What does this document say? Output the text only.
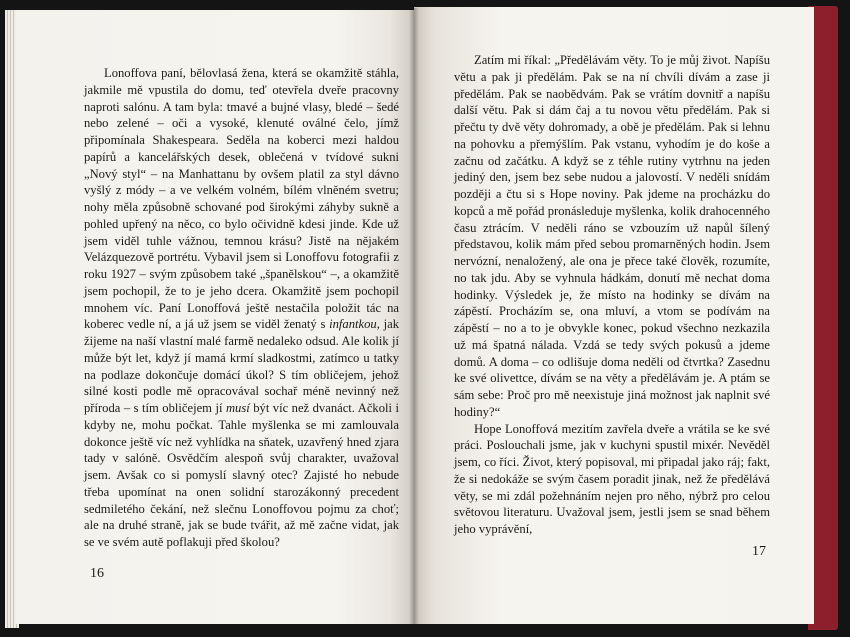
Lonoffova paní, bělovlasá žena, která se okamžitě stáhla, jakmile mě vpustila do domu, teď otevřela dveře pracovny naproti salónu. A tam byla: tmavé a bujné vlasy, bledé – šedé nebo zelené – oči a vysoké, klenuté oválné čelo, jímž připomínala Shakespeara. Seděla na koberci mezi haldou papírů a kancelářských desek, oblečená v tvídové sukni „Nový styl“ – na Manhattanu by ovšem platil za styl dávno vyšlý z módy – a ve velkém volném, bílém vlněném svetru; nohy měla způsobně schované pod širokými záhyby sukně a pohled upřený na něco, co bylo očividně kdesi jinde. Kde už jsem viděl tuhle vážnou, temnou krásu? Jistě na nějakém Velázquezově portrétu. Vybavil jsem si Lonoffovu fotografii z roku 1927 – svým způsobem také „španělskou“ –, a okamžitě jsem pochopil, že to je jeho dcera. Okamžitě jsem pochopil mnohem víc. Paní Lonoffová ještě nestačila položit tác na koberec vedle ní, a já už jsem se viděl ženatý s infantkou, jak žijeme na naší vlastní malé farmě nedaleko odsud. Ale kolik jí může být let, když jí mamá krmí sladkostmi, zatímco u tatky na podlaze dokončuje domácí úkol? S tím obličejem, jehož silné kosti podle mě opracovával sochař méně nevinný než příroda – s tím obličejem jí musí být víc než dvanáct. Ačkoli i kdyby ne, mohu počkat. Tahle myšlenka se mi zamlouvala dokonce ještě víc než vyhlídka na sňatek, uzavřený hned zjara tady v salóně. Osvědčím alespoň svůj charakter, uvažoval jsem. Avšak co si pomyslí slavný otec? Zajisté ho nebude třeba upomínat na onen solidní starozákonný precedent sedmiletého čekání, než slečnu Lonoffovou pojmu za choť; ale na druhé straně, jak se bude tvářit, až mě začne vidat, jak se ve svém autě poflakuji před školou?

16

Zatím mi říkal: „Předělávám věty. To je můj život. Napíšu větu a pak ji předělám. Pak se na ní chvíli dívám a zase ji předělám. Pak se naobědvám. Pak se vrátím dovnitř a napíšu další větu. Pak si dám čaj a tu novou větu předělám. Pak si přečtu ty dvě věty dohromady, a obě je předělám. Pak si lehnu na pohovku a přemýšlím. Pak vstanu, vyhodím je do koše a začnu od začátku. A když se z téhle rutiny vytrhnu na jeden jediný den, jsem bez sebe nudou a jalovostí. V neděli snídám později a čtu si s Hope noviny. Pak jdeme na procházku do kopců a mě pořád pronásleduje myšlenka, kolik drahocenného času ztrácím. V neděli ráno se vzbouzím už napůl šílený představou, kolik mám před sebou promarněných hodin. Jsem nervózní, nenaložený, ale ona je přece také člověk, rozumíte, no tak jdu. Aby se vyhnula hádkám, donutí mě nechat doma hodinky. Výsledek je, že místo na hodinky se dívám na zápěstí. Procházím se, ona mluví, a vtom se podívám na zápěstí – no a to je obvykle konec, pokud všechno nezkazila už má špatná nálada. Vzdá se tedy svých pokusů a jdeme domů. A doma – co odlišuje doma neděli od čtvrtka? Zasednu ke své olivettce, dívám se na věty a předělávám je. A ptám se sám sebe: Proč pro mě neexistuje jiná možnost jak naplnit své hodiny?“

Hope Lonoffová mezitím zavřela dveře a vrátila se ke své práci. Poslouchali jsme, jak v kuchyni spustil mixér. Nevěděl jsem, co říci. Život, který popisoval, mi připadal jako ráj; fakt, že si nedokáže se svým časem poradit jinak, než že předělává věty, se mi zdál požehnáním nejen pro něho, nýbrž pro celou světovou literaturu. Uvažoval jsem, jestli jsem se snad během jeho vyprávění,

17
